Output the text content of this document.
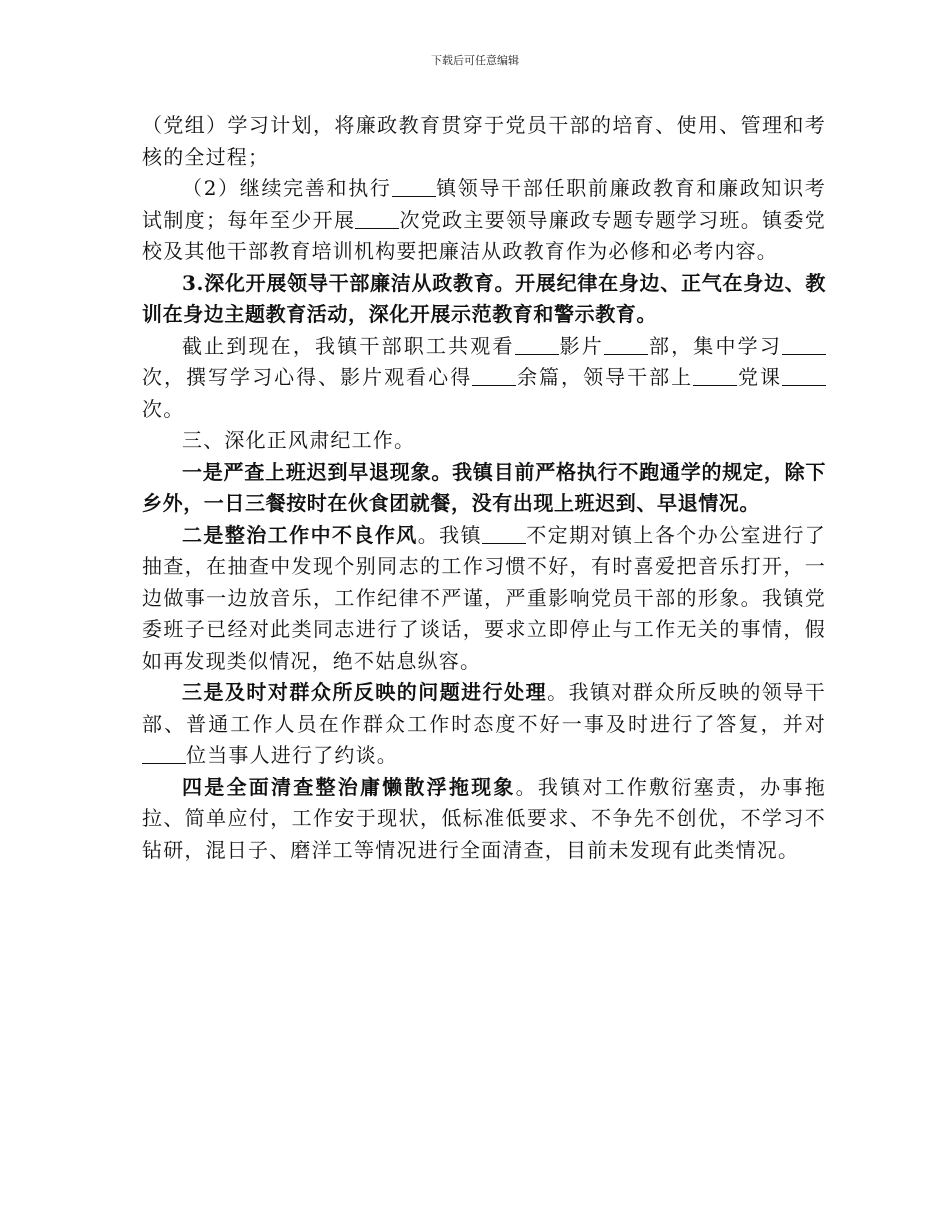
下载后可任意编辑

（党组）学习计划，将廉政教育贯穿于党员干部的培育、使用、管理和考核的全过程；

（2）继续完善和执行 镇领导干部任职前廉政教育和廉政知识考试制度；每年至少开展 次党政主要领导廉政专题专题学习班。镇委党校及其他干部教育培训机构要把廉洁从政教育作为必修和必考内容。

3.深化开展领导干部廉洁从政教育。开展纪律在身边、正气在身边、教训在身边主题教育活动，深化开展示范教育和警示教育。

截止到现在，我镇干部职工共观看 影片 部，集中学习次，撰写学习心得、影片观看心得 余篇，领导干部上 党课次。

三、深化正风肃纪工作。

一是严查上班迟到早退现象。我镇目前严格执行不跑通学的规定，除下乡外，一日三餐按时在伙食团就餐，没有出现上班迟到、早退情况。

二是整治工作中不良作风。我镇 不定期对镇上各个办公室进行了抽查，在抽查中发现个别同志的工作习惯不好，有时喜爱把音乐打开，一边做事一边放音乐，工作纪律不严谨，严重影响党员干部的形象。我镇党委班子已经对此类同志进行了谈话，要求立即停止与工作无关的事情，假如再发现类似情况，绝不姑息纵容。

三是及时对群众所反映的问题进行处理。我镇对群众所反映的领导干部、普通工作人员在作群众工作时态度不好一事及时进行了答复，并对位当事人进行了约谈。

四是全面清查整治庸懒散浮拖现象。我镇对工作敷衍塞责，办事拖拉、简单应付，工作安于现状，低标准低要求、不争先不创优，不学习不钻研，混日子、磨洋工等情况进行全面清查，目前未发现有此类情况。
